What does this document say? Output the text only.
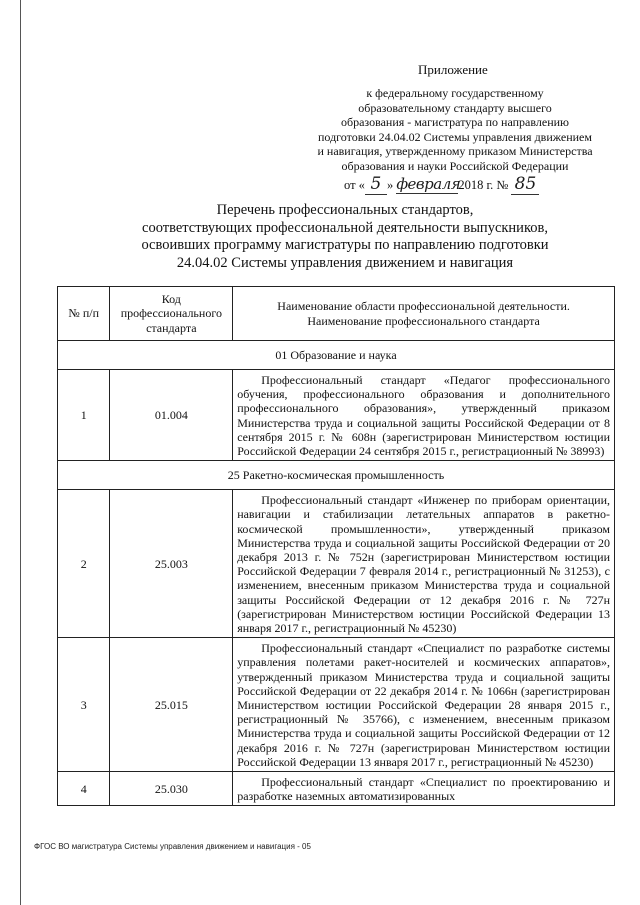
Приложение
к федеральному государственному
образовательному стандарту высшего
образования - магистратура по направлению
подготовки 24.04.02 Системы управления движением
и навигация, утвержденному приказом Министерства
образования и науки Российской Федерации
от « 5 » февраля2018 г. № 85
Перечень профессиональных стандартов,
соответствующих профессиональной деятельности выпускников,
освоивших программу магистратуры по направлению подготовки
24.04.02 Системы управления движением и навигация
№ п/п	Код профессионального стандарта	Наименование области профессиональной деятельности.
Наименование профессионального стандарта

01 Образование и наука		
1	01.004	Профессиональный стандарт «Педагог профессионального обучения, профессионального образования и дополнительного профессионального образования», утвержденный приказом Министерства труда и социальной защиты Российской Федерации от 8 сентября 2015 г. № 608н (зарегистрирован Министерством юстиции Российской Федерации 24 сентября 2015 г., регистрационный № 38993)

25 Ракетно-космическая промышленность		
2	25.003	Профессиональный стандарт «Инженер по приборам ориентации, навигации и стабилизации летательных аппаратов в ракетно-космической промышленности», утвержденный приказом Министерства труда и социальной защиты Российской Федерации от 20 декабря 2013 г. № 752н (зарегистрирован Министерством юстиции Российской Федерации 7 февраля 2014 г., регистрационный № 31253), с изменением, внесенным приказом Министерства труда и социальной защиты Российской Федерации от 12 декабря 2016 г. № 727н (зарегистрирован Министерством юстиции Российской Федерации 13 января 2017 г., регистрационный № 45230)

3	25.015	Профессиональный стандарт «Специалист по разработке системы управления полетами ракет-носителей и космических аппаратов», утвержденный приказом Министерства труда и социальной защиты Российской Федерации от 22 декабря 2014 г. № 1066н (зарегистрирован Министерством юстиции Российской Федерации 28 января 2015 г., регистрационный № 35766), с изменением, внесенным приказом Министерства труда и социальной защиты Российской Федерации от 12 декабря 2016 г. № 727н (зарегистрирован Министерством юстиции Российской Федерации 13 января 2017 г., регистрационный № 45230)

4	25.030	Профессиональный стандарт «Специалист по проектированию и разработке наземных автоматизированных

ФГОС ВО магистратура Системы управления движением и навигация - 05
